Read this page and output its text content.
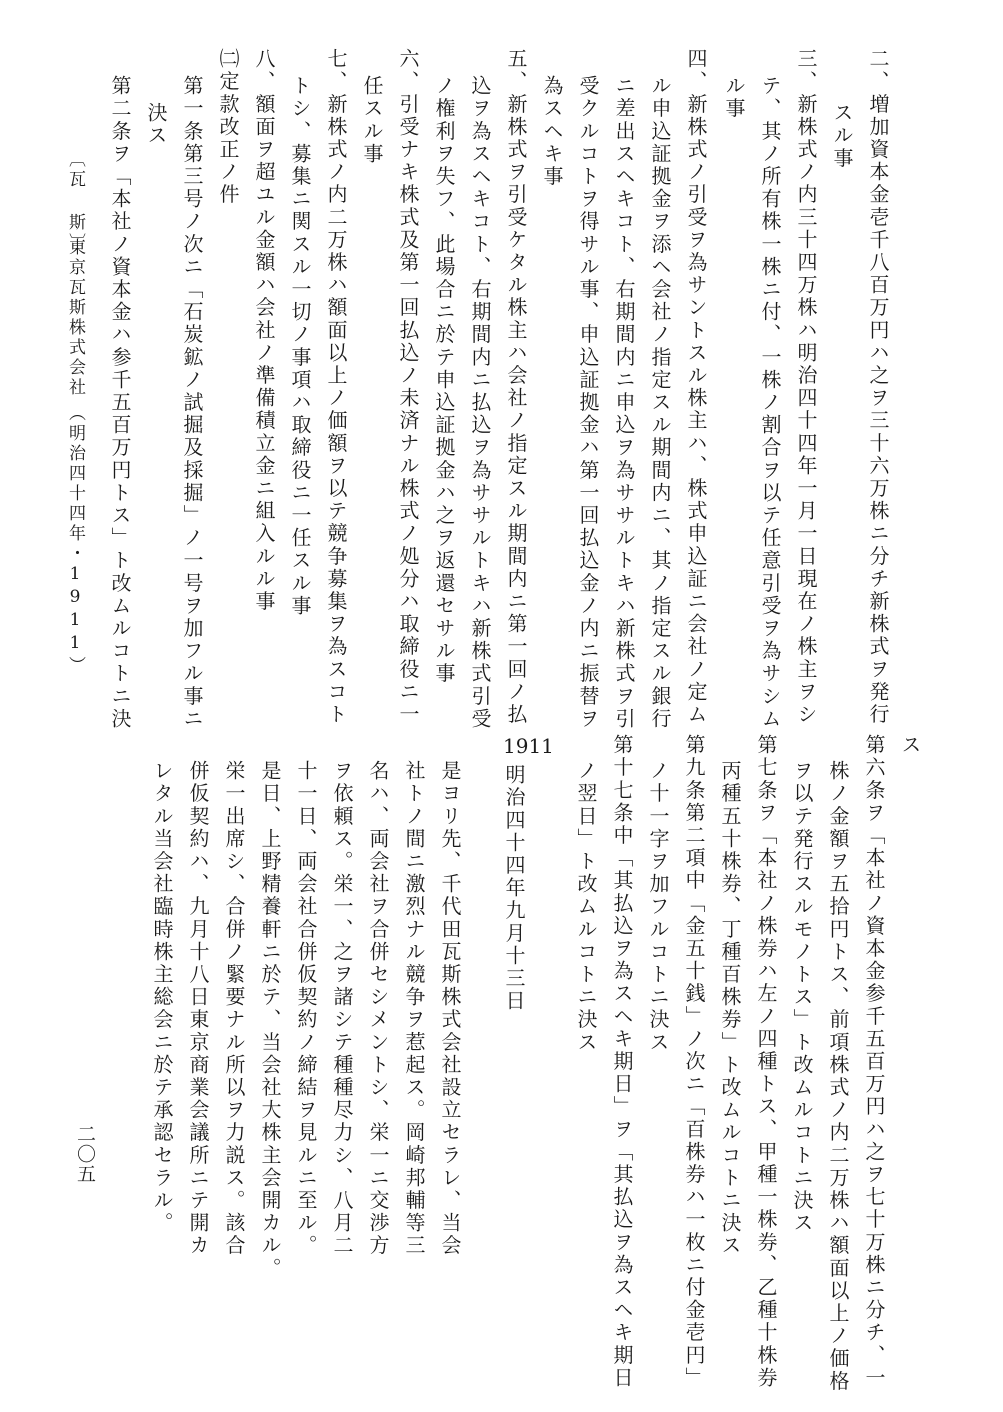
二、増加資本金壱千八百万円ハ之ヲ三十六万株ニ分チ新株式ヲ発行
スル事
三、新株式ノ内三十四万株ハ明治四十四年一月一日現在ノ株主ヲシ
テ、其ノ所有株一株ニ付、一株ノ割合ヲ以テ任意引受ヲ為サシム
ル事
四、新株式ノ引受ヲ為サントスル株主ハ、株式申込証ニ会社ノ定ム
ル申込証拠金ヲ添ヘ会社ノ指定スル期間内ニ、其ノ指定スル銀行
ニ差出スヘキコト、右期間内ニ申込ヲ為ササルトキハ新株式ヲ引
受クルコトヲ得サル事、申込証拠金ハ第一回払込金ノ内ニ振替ヲ
為スヘキ事
五、新株式ヲ引受ケタル株主ハ会社ノ指定スル期間内ニ第一回ノ払
込ヲ為スヘキコト、右期間内ニ払込ヲ為ササルトキハ新株式引受
ノ権利ヲ失フ、此場合ニ於テ申込証拠金ハ之ヲ返還セサル事
六、引受ナキ株式及第一回払込ノ未済ナル株式ノ処分ハ取締役ニ一
任スル事
七、新株式ノ内二万株ハ額面以上ノ価額ヲ以テ競争募集ヲ為スコト
トシ、募集ニ関スル一切ノ事項ハ取締役ニ一任スル事
八、額面ヲ超ユル金額ハ会社ノ準備積立金ニ組入ルル事
㈡定款改正ノ件
第一条第三号ノ次ニ「石炭鉱ノ試掘及採掘」ノ一号ヲ加フル事ニ
決ス
第二条ヲ「本社ノ資本金ハ参千五百万円トス」ト改ムルコトニ決
〔瓦 斯〕
東京瓦斯株式会社
（明治四十四年・1911）
ス
第六条ヲ「本社ノ資本金参千五百万円ハ之ヲ七十万株ニ分チ、一
株ノ金額ヲ五拾円トス、前項株式ノ内二万株ハ額面以上ノ価格
ヲ以テ発行スルモノトス」ト改ムルコトニ決ス
第七条ヲ「本社ノ株券ハ左ノ四種トス、甲種一株券、乙種十株券
丙種五十株券、丁種百株券」ト改ムルコトニ決ス
第九条第二項中「金五十銭」ノ次ニ「百株券ハ一枚ニ付金壱円」
ノ十一字ヲ加フルコトニ決ス
第十七条中「其払込ヲ為スヘキ期日」ヲ「其払込ヲ為スヘキ期日
ノ翌日」ト改ムルコトニ決ス
1911
明治四十四年九月十三日
是ヨリ先、千代田瓦斯株式会社設立セラレ、当会
社トノ間ニ激烈ナル競争ヲ惹起ス。岡崎邦輔等三
名ハ、両会社ヲ合併セシメントシ、栄一ニ交渉方
ヲ依頼ス。栄一、之ヲ諸シテ種種尽力シ、八月二
十一日、両会社合併仮契約ノ締結ヲ見ルニ至ル。
是日、上野精養軒ニ於テ、当会社大株主会開カル。
栄一出席シ、合併ノ緊要ナル所以ヲ力説ス。該合
併仮契約ハ、九月十八日東京商業会議所ニテ開カ
レタル当会社臨時株主総会ニ於テ承認セラル。
二〇五
